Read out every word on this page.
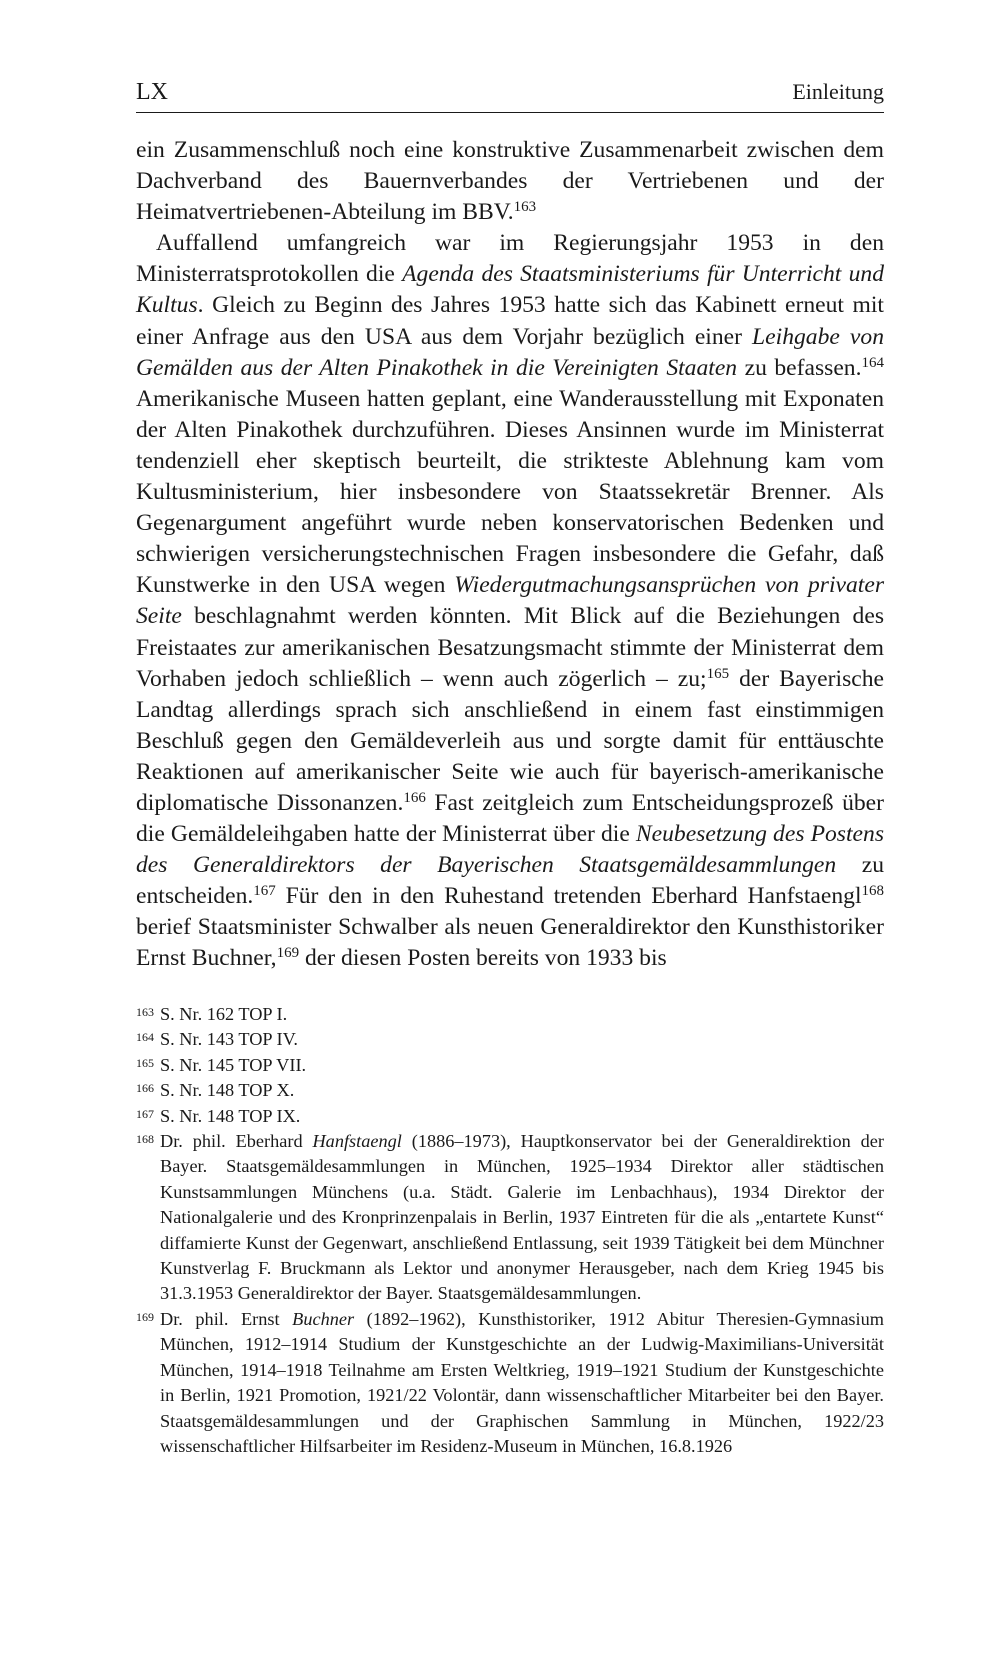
LX	Einleitung

ein Zusammenschluß noch eine konstruktive Zusammenarbeit zwischen dem Dachverband des Bauernverbandes der Vertriebenen und der Heimatvertriebenen-Abteilung im BBV.$^{163}$

Auffallend umfangreich war im Regierungsjahr 1953 in den Ministerratsprotokollen die Agenda des Staatsministeriums für Unterricht und Kultus. Gleich zu Beginn des Jahres 1953 hatte sich das Kabinett erneut mit einer Anfrage aus den USA aus dem Vorjahr bezüglich einer Leihgabe von Gemälden aus der Alten Pinakothek in die Vereinigten Staaten zu befassen.$^{164}$ Amerikanische Museen hatten geplant, eine Wanderausstellung mit Exponaten der Alten Pinakothek durchzuführen. Dieses Ansinnen wurde im Ministerrat tendenziell eher skeptisch beurteilt, die strikteste Ablehnung kam vom Kultusministerium, hier insbesondere von Staatssekretär Brenner. Als Gegenargument angeführt wurde neben konservatorischen Bedenken und schwierigen versicherungstechnischen Fragen insbesondere die Gefahr, daß Kunstwerke in den USA wegen Wiedergutmachungsansprüchen von privater Seite beschlagnahmt werden könnten. Mit Blick auf die Beziehungen des Freistaates zur amerikanischen Besatzungsmacht stimmte der Ministerrat dem Vorhaben jedoch schließlich – wenn auch zögerlich – zu;$^{165}$ der Bayerische Landtag allerdings sprach sich anschließend in einem fast einstimmigen Beschluß gegen den Gemäldeverleih aus und sorgte damit für enttäuschte Reaktionen auf amerikanischer Seite wie auch für bayerisch-amerikanische diplomatische Dissonanzen.$^{166}$ Fast zeitgleich zum Entscheidungsprozeß über die Gemäldeleihgaben hatte der Ministerrat über die Neubesetzung des Postens des Generaldirektors der Bayerischen Staatsgemäldesammlungen zu entscheiden.$^{167}$ Für den in den Ruhestand tretenden Eberhard Hanfstaengl$^{168}$ berief Staatsminister Schwalber als neuen Generaldirektor den Kunsthistoriker Ernst Buchner,$^{169}$ der diesen Posten bereits von 1933 bis

163 S. Nr. 162 TOP I.
164 S. Nr. 143 TOP IV.
165 S. Nr. 145 TOP VII.
166 S. Nr. 148 TOP X.
167 S. Nr. 148 TOP IX.
168 Dr. phil. Eberhard Hanfstaengl (1886–1973), Hauptkonservator bei der Generaldirektion der Bayer. Staatsgemäldesammlungen in München, 1925–1934 Direktor aller städtischen Kunstsammlungen Münchens (u.a. Städt. Galerie im Lenbachhaus), 1934 Direktor der Nationalgalerie und des Kronprinzenpalais in Berlin, 1937 Eintreten für die als „entartete Kunst“ diffamierte Kunst der Gegenwart, anschließend Entlassung, seit 1939 Tätigkeit bei dem Münchner Kunstverlag F. Bruckmann als Lektor und anonymer Herausgeber, nach dem Krieg 1945 bis 31.3.1953 Generaldirektor der Bayer. Staatsgemäldesammlungen.
169 Dr. phil. Ernst Buchner (1892–1962), Kunsthistoriker, 1912 Abitur Theresien-Gymnasium München, 1912–1914 Studium der Kunstgeschichte an der Ludwig-Maximilians-Universität München, 1914–1918 Teilnahme am Ersten Weltkrieg, 1919–1921 Studium der Kunstgeschichte in Berlin, 1921 Promotion, 1921/22 Volontär, dann wissenschaftlicher Mitarbeiter bei den Bayer. Staatsgemäldesammlungen und der Graphischen Sammlung in München, 1922/23 wissenschaftlicher Hilfsarbeiter im Residenz-Museum in München, 16.8.1926
